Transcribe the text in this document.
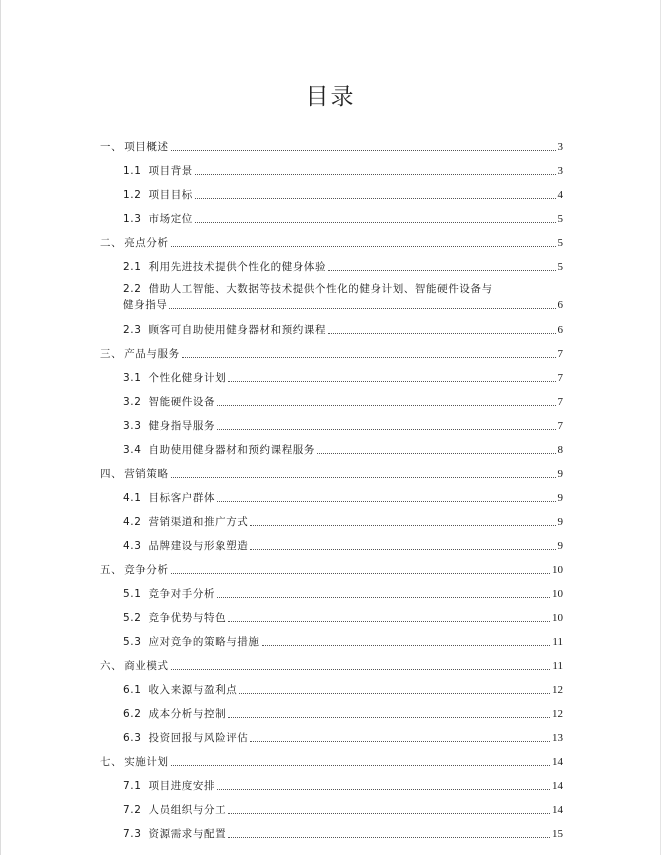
目录
一、 项目概述	3
1.1 项目背景	3
1.2 项目目标	4
1.3 市场定位	5
二、 亮点分析	5
2.1 利用先进技术提供个性化的健身体验	5
2.2 借助人工智能、大数据等技术提供个性化的健身计划、智能硬件设备与
健身指导	6
2.3 顾客可自助使用健身器材和预约课程	6
三、 产品与服务	7
3.1 个性化健身计划	7
3.2 智能硬件设备	7
3.3 健身指导服务	7
3.4 自助使用健身器材和预约课程服务	8
四、 营销策略	9
4.1 目标客户群体	9
4.2 营销渠道和推广方式	9
4.3 品牌建设与形象塑造	9
五、 竞争分析	10
5.1 竞争对手分析	10
5.2 竞争优势与特色	10
5.3 应对竞争的策略与措施	11
六、 商业模式	11
6.1 收入来源与盈利点	12
6.2 成本分析与控制	12
6.3 投资回报与风险评估	13
七、 实施计划	14
7.1 项目进度安排	14
7.2 人员组织与分工	14
7.3 资源需求与配置	15
